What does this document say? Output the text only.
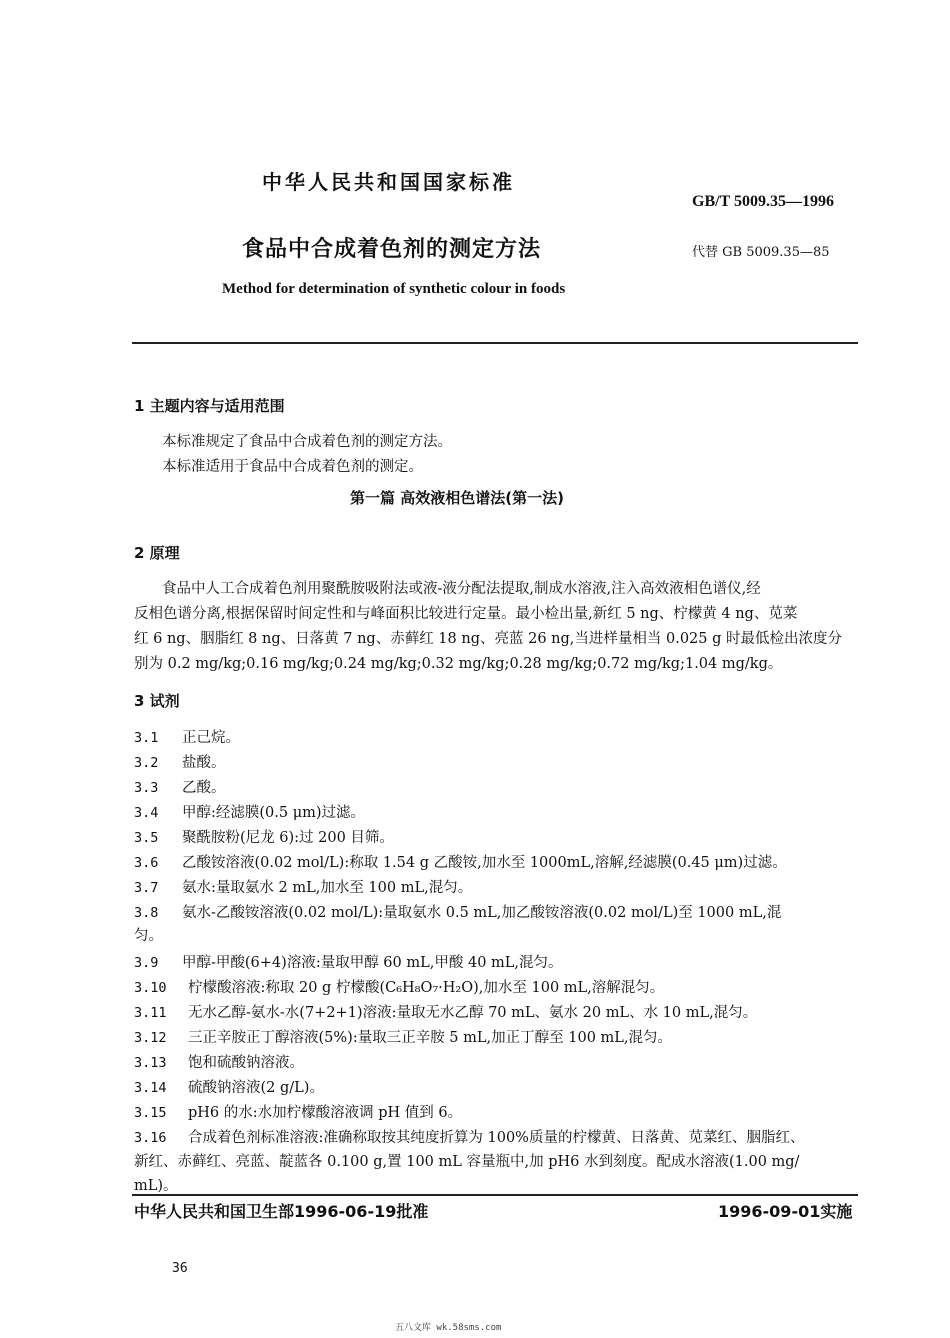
中华人民共和国国家标准
GB/T 5009.35—1996
食品中合成着色剂的测定方法	代替 GB 5009.35—85
Method for determination of synthetic colour in foods
1 主题内容与适用范围
本标准规定了食品中合成着色剂的测定方法。
本标准适用于食品中合成着色剂的测定。
第一篇 高效液相色谱法(第一法)
2 原理
食品中人工合成着色剂用聚酰胺吸附法或液-液分配法提取,制成水溶液,注入高效液相色谱仪,经
反相色谱分离,根据保留时间定性和与峰面积比较进行定量。最小检出量,新红 5 ng、柠檬黄 4 ng、苋菜
红 6 ng、胭脂红 8 ng、日落黄 7 ng、赤藓红 18 ng、亮蓝 26 ng,当进样量相当 0.025 g 时最低检出浓度分
别为 0.2 mg/kg;0.16 mg/kg;0.24 mg/kg;0.32 mg/kg;0.28 mg/kg;0.72 mg/kg;1.04 mg/kg。
3 试剂
3.1 正己烷。
3.2 盐酸。
3.3 乙酸。
3.4 甲醇:经滤膜(0.5 μm)过滤。
3.5 聚酰胺粉(尼龙 6):过 200 目筛。
3.6 乙酸铵溶液(0.02 mol/L):称取 1.54 g 乙酸铵,加水至 1000mL,溶解,经滤膜(0.45 μm)过滤。
3.7 氨水:量取氨水 2 mL,加水至 100 mL,混匀。
3.8 氨水-乙酸铵溶液(0.02 mol/L):量取氨水 0.5 mL,加乙酸铵溶液(0.02 mol/L)至 1000 mL,混
匀。
3.9 甲醇-甲酸(6+4)溶液:量取甲醇 60 mL,甲酸 40 mL,混匀。
3.10 柠檬酸溶液:称取 20 g 柠檬酸(C₆H₈O₇·H₂O),加水至 100 mL,溶解混匀。
3.11 无水乙醇-氨水-水(7+2+1)溶液:量取无水乙醇 70 mL、氨水 20 mL、水 10 mL,混匀。
3.12 三正辛胺正丁醇溶液(5%):量取三正辛胺 5 mL,加正丁醇至 100 mL,混匀。
3.13 饱和硫酸钠溶液。
3.14 硫酸钠溶液(2 g/L)。
3.15 pH6 的水:水加柠檬酸溶液调 pH 值到 6。
3.16 合成着色剂标准溶液:准确称取按其纯度折算为 100%质量的柠檬黄、日落黄、苋菜红、胭脂红、
新红、赤藓红、亮蓝、靛蓝各 0.100 g,置 100 mL 容量瓶中,加 pH6 水到刻度。配成水溶液(1.00 mg/
mL)。
中华人民共和国卫生部1996-06-19批准	1996-09-01实施
36
五八文库 wk.58sms.com
